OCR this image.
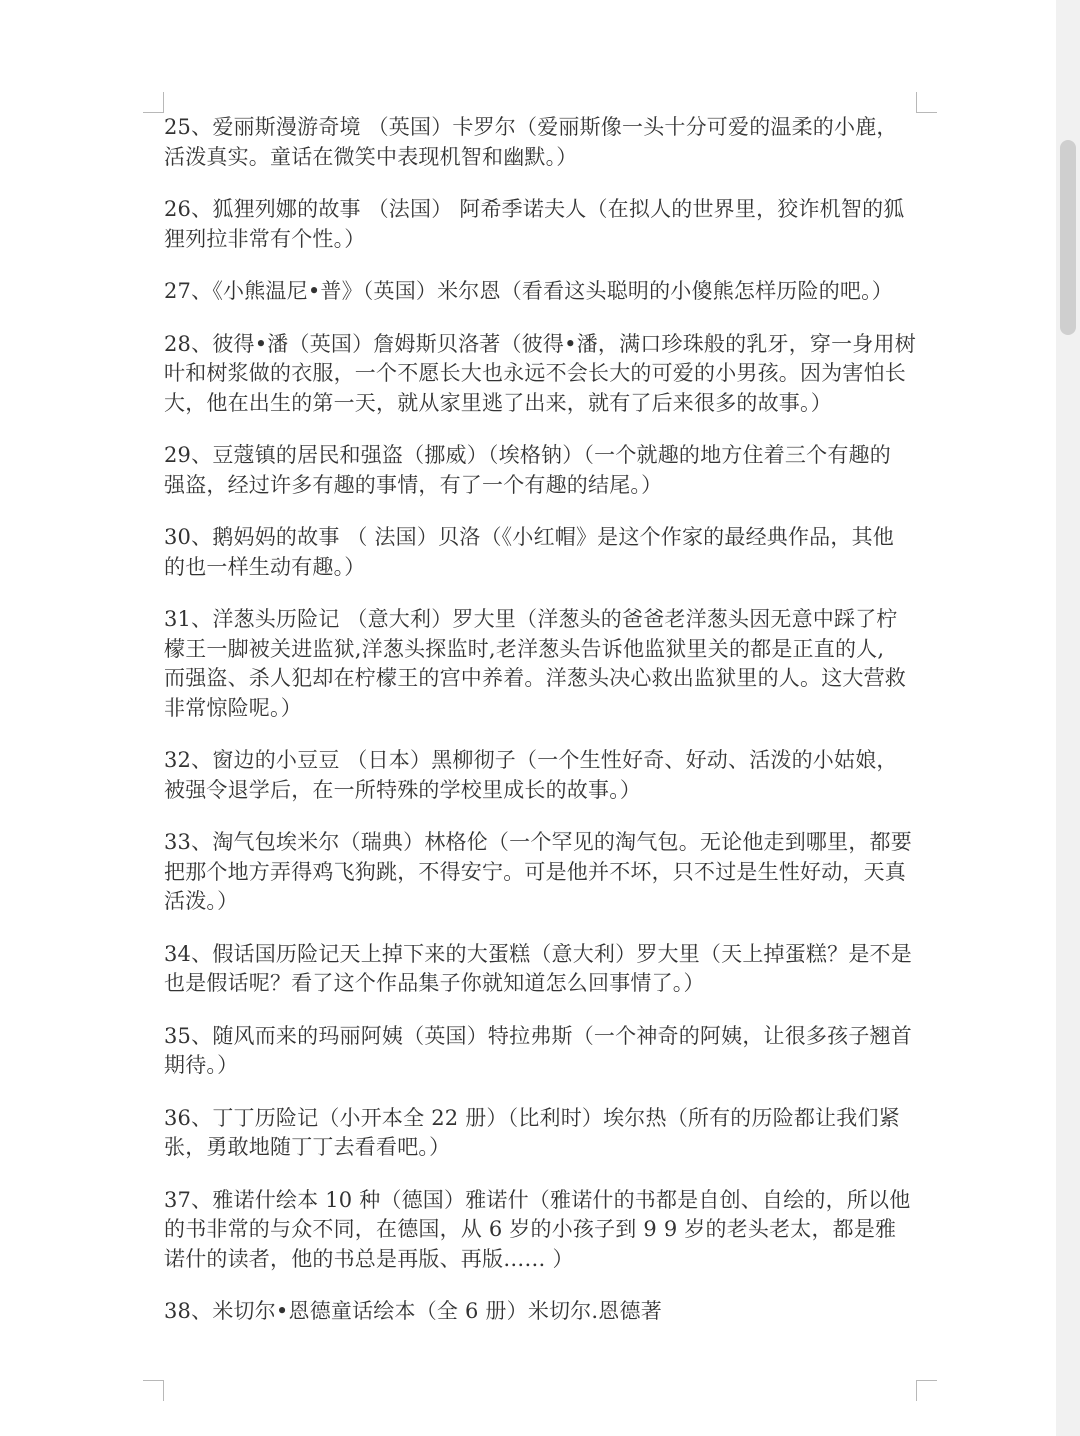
25、爱丽斯漫游奇境 （英国）卡罗尔（爱丽斯像一头十分可爱的温柔的小鹿，

活泼真实。童话在微笑中表现机智和幽默。）

26、狐狸列娜的故事 （法国） 阿希季诺夫人（在拟人的世界里，狡诈机智的狐

狸列拉非常有个性。）

27、《小熊温尼•普》（英国）米尔恩（看看这头聪明的小傻熊怎样历险的吧。）

28、彼得•潘（英国）詹姆斯贝洛著（彼得•潘，满口珍珠般的乳牙，穿一身用树

叶和树浆做的衣服，一个不愿长大也永远不会长大的可爱的小男孩。因为害怕长

大，他在出生的第一天，就从家里逃了出来，就有了后来很多的故事。）

29、豆蔻镇的居民和强盗（挪威）（埃格钠）（一个就趣的地方住着三个有趣的

强盗，经过许多有趣的事情，有了一个有趣的结尾。）

30、鹅妈妈的故事 （ 法国）贝洛（《小红帽》是这个作家的最经典作品，其他

的也一样生动有趣。）

31、洋葱头历险记 （意大利）罗大里（洋葱头的爸爸老洋葱头因无意中踩了柠

檬王一脚被关进监狱,洋葱头探监时,老洋葱头告诉他监狱里关的都是正直的人,

而强盗、杀人犯却在柠檬王的宫中养着。洋葱头决心救出监狱里的人。这大营救

非常惊险呢。）

32、窗边的小豆豆 （日本）黑柳彻子（一个生性好奇、好动、活泼的小姑娘，

被强令退学后，在一所特殊的学校里成长的故事。）

33、淘气包埃米尔（瑞典）林格伦（一个罕见的淘气包。无论他走到哪里，都要

把那个地方弄得鸡飞狗跳，不得安宁。可是他并不坏，只不过是生性好动，天真

活泼。）

34、假话国历险记天上掉下来的大蛋糕（意大利）罗大里（天上掉蛋糕？是不是

也是假话呢？看了这个作品集子你就知道怎么回事情了。）

35、随风而来的玛丽阿姨（英国）特拉弗斯（一个神奇的阿姨，让很多孩子翘首

期待。）

36、丁丁历险记（小开本全 22 册）（比利时）埃尔热（所有的历险都让我们紧

张，勇敢地随丁丁去看看吧。）

37、雅诺什绘本 10 种（德国）雅诺什（雅诺什的书都是自创、自绘的，所以他

的书非常的与众不同，在德国，从 6 岁的小孩子到 9 9 岁的老头老太，都是雅

诺什的读者，他的书总是再版、再版…… ）

38、米切尔•恩德童话绘本（全 6 册）米切尔.恩德著
